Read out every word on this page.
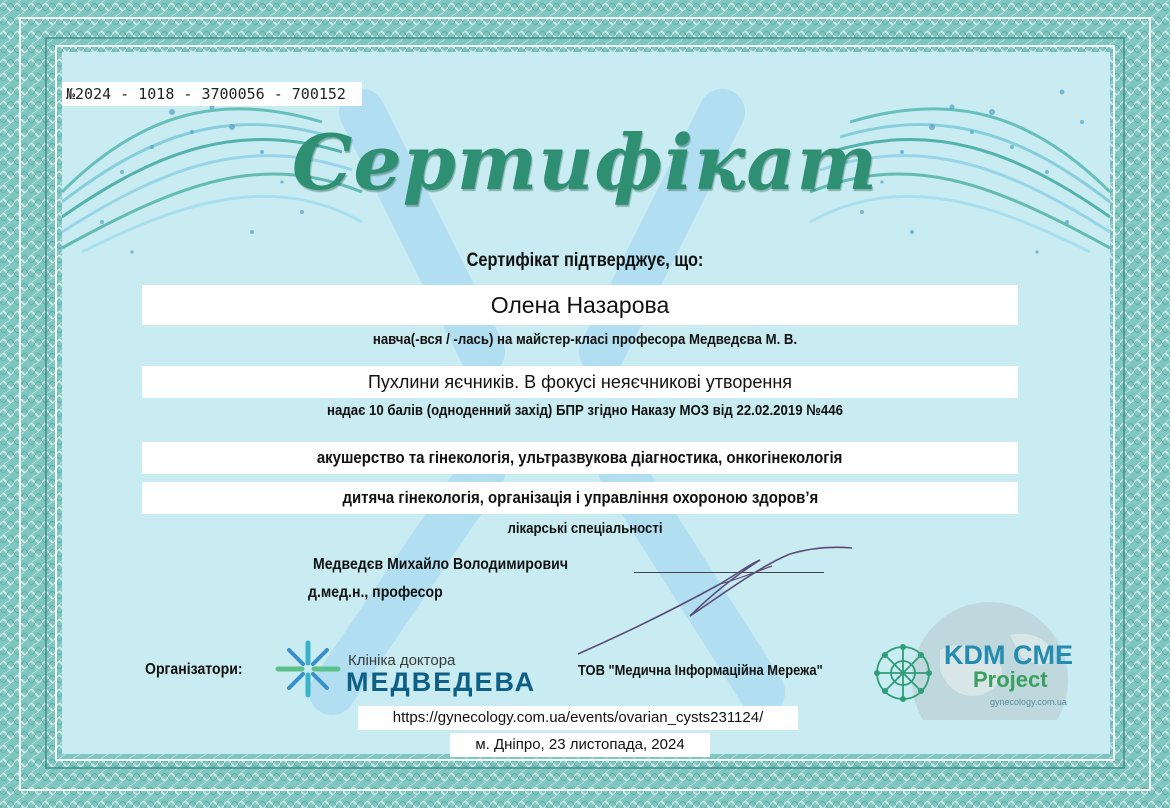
№2024 - 1018 - 3700056 - 700152
Сертифікат
Сертифікат підтверджує, що:
Олена Назарова
навча(-вся / -лась) на майстер-класі професора Медведєва М. В.
Пухлини яєчників. В фокусі неяєчникові утворення
надає 10 балів (одноденний захід) БПР згідно Наказу МОЗ від 22.02.2019 №446
акушерство та гінекологія, ультразвукова діагностика, онкогінекологія
дитяча гінекологія, організація і управління охороною здоров’я
лікарські спеціальності
Медведєв Михайло Володимирович
д.мед.н., професор
Організатори:
Клініка доктора
МЕДВЕДЕВА	ТОВ "Медична Інформаційна Мережа"
KDM CME
Project
gynecology.com.ua
https://gynecology.com.ua/events/ovarian_cysts231124/
м. Дніпро, 23 листопада, 2024
